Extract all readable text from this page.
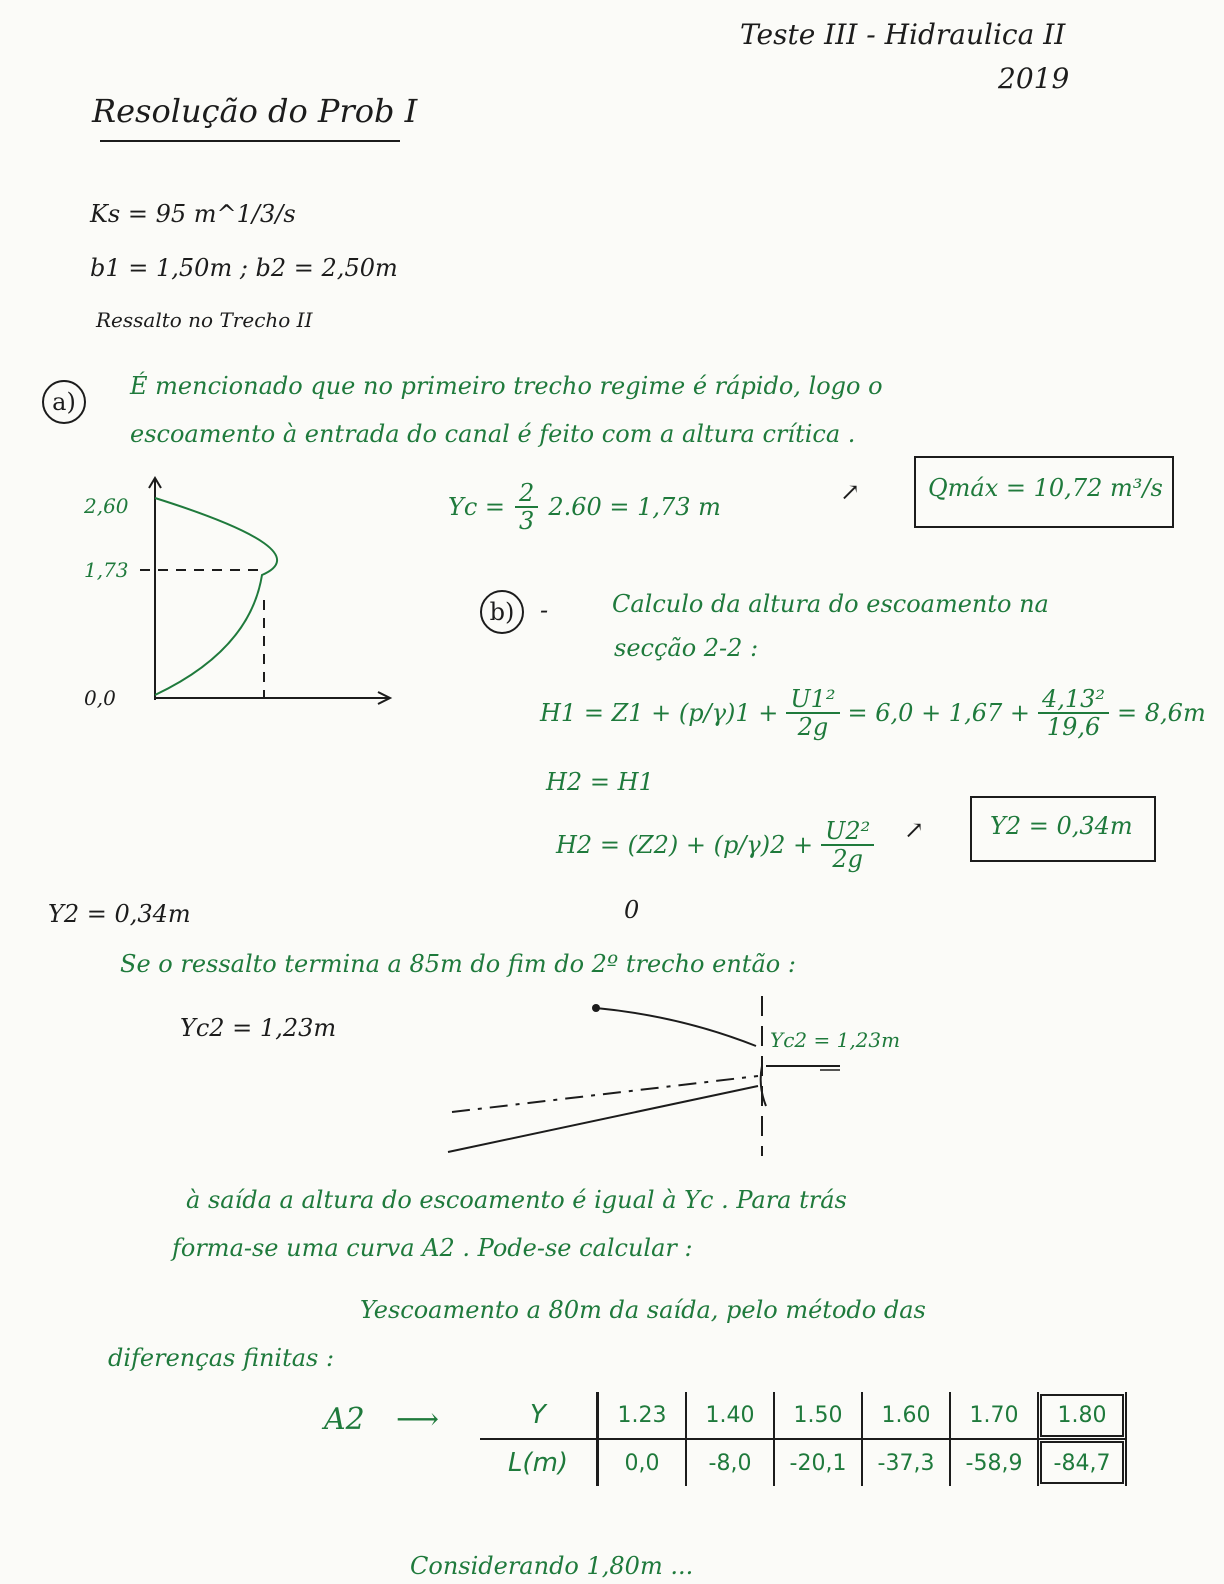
Teste III - Hidraulica II
2019
Resolução do Prob I
Ks = 95 m^1/3/s
b1 = 1,50m ; b2 = 2,50m
Ressalto no Trecho II
a)
É mencionado que no primeiro trecho regime é rápido, logo o
escoamento à entrada do canal é feito com a altura crítica .
2,60
1,73
0,0
$Yc = \frac{2}{3} 2.60 = 1,73$ m
↗	Qmáx = 10,72 m³/s
b)	-	Calculo da altura do escoamento na
secção 2-2 :
$H1 = Z1 + (p/\gamma)1 + \frac{\text{U1²}}{2g} = 6,0 + 1,67 + \frac{\text{4,13²}}{19,6} = 8,6m$
H2 = H1
$H2 = (Z2) + (p/\gamma)2 + \frac{\text{U2²}}{2g}$
0
↗	Y2 = 0,34m
Y2 = 0,34m
Se o ressalto termina a 85m do fim do 2º trecho então :
Yc2 = 1,23m	Yc2 = 1,23m
à saída a altura do escoamento é igual à Yc . Para trás
forma-se uma curva A2 . Pode-se calcular :
Yescoamento a 80m da saída, pelo método das
diferenças finitas :
A2 ⟶	Y	1.23	1.40	1.50	1.60	1.70	1.80
L(m)	0,0	-8,0	-20,1	-37,3	-58,9	-84,7
Considerando 1,80m ...
